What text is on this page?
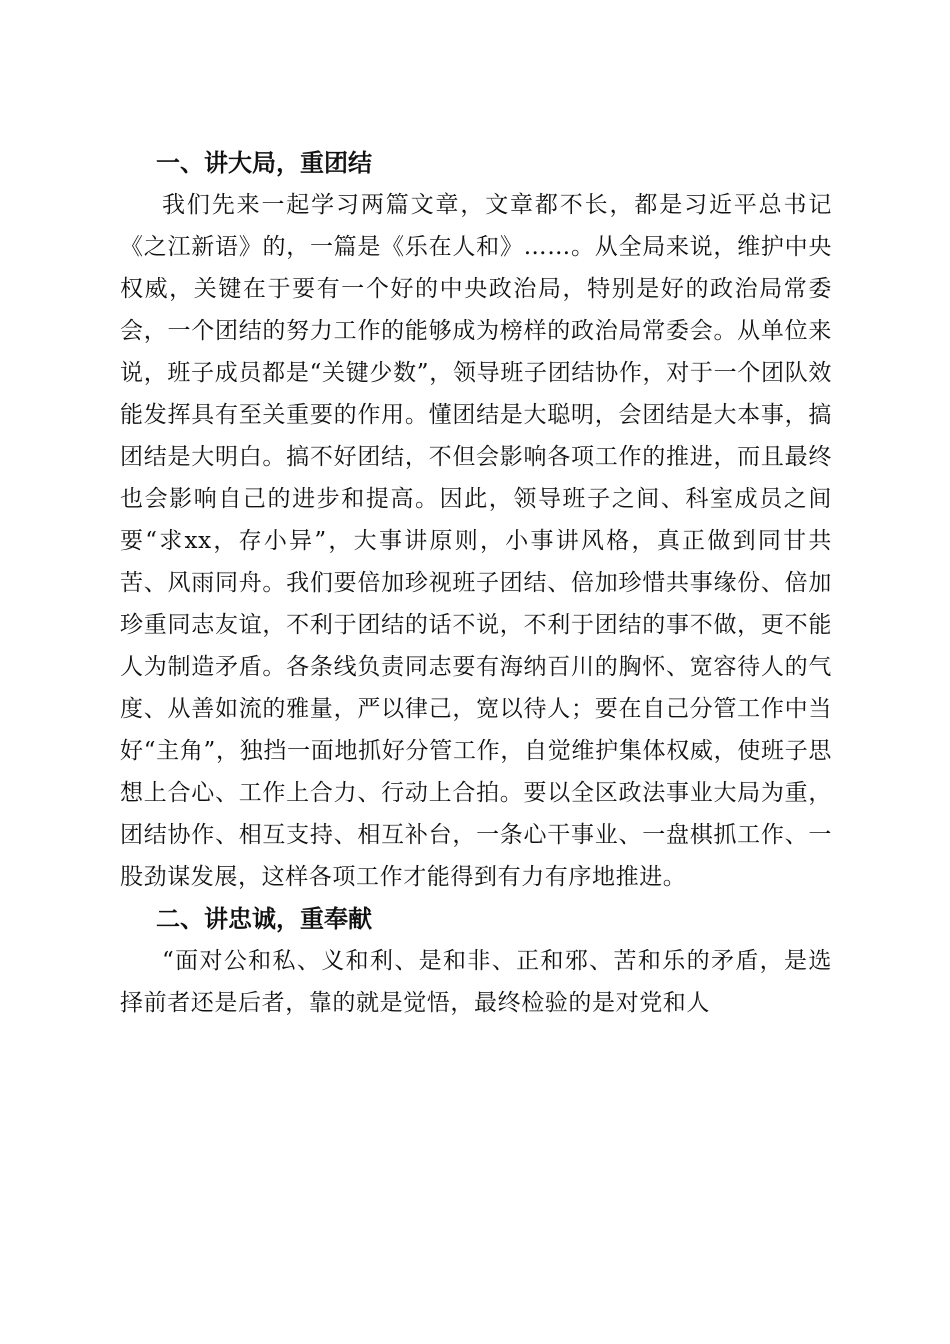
一、讲大局，重团结

我们先来一起学习两篇文章，文章都不长，都是习近平总书记《之江新语》的，一篇是《乐在人和》……。从全局来说，维护中央权威，关键在于要有一个好的中央政治局，特别是好的政治局常委会，一个团结的努力工作的能够成为榜样的政治局常委会。从单位来说，班子成员都是“关键少数”，领导班子团结协作，对于一个团队效能发挥具有至关重要的作用。懂团结是大聪明，会团结是大本事，搞团结是大明白。搞不好团结，不但会影响各项工作的推进，而且最终也会影响自己的进步和提高。因此，领导班子之间、科室成员之间要“求xx，存小异”，大事讲原则，小事讲风格，真正做到同甘共苦、风雨同舟。我们要倍加珍视班子团结、倍加珍惜共事缘份、倍加珍重同志友谊，不利于团结的话不说，不利于团结的事不做，更不能人为制造矛盾。各条线负责同志要有海纳百川的胸怀、宽容待人的气度、从善如流的雅量，严以律己，宽以待人；要在自己分管工作中当好“主角”，独挡一面地抓好分管工作，自觉维护集体权威，使班子思想上合心、工作上合力、行动上合拍。要以全区政法事业大局为重，团结协作、相互支持、相互补台，一条心干事业、一盘棋抓工作、一股劲谋发展，这样各项工作才能得到有力有序地推进。

二、讲忠诚，重奉献

“面对公和私、义和利、是和非、正和邪、苦和乐的矛盾，是选择前者还是后者，靠的就是觉悟，最终检验的是对党和人
